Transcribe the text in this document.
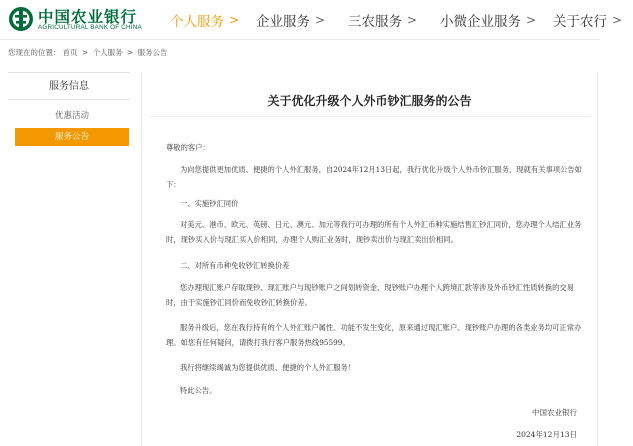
中国农业银行
AGRICULTURAL BANK OF CHINA 个人服务 > 企业服务 > 三农服务 > 小微企业服务 > 关于农行 >
您现在的位置： 首页 > 个人服务 > 服务公告
服务信息
优惠活动
服务公告
关于优化升级个人外币钞汇服务的公告
尊敬的客户：
为向您提供更加优质、便捷的个人外汇服务，自2024年12月13日起，我行优化升级个人外币钞汇服务，现就有关事项公告如下：
一、实施钞汇同价
对美元、港币、欧元、英镑、日元、澳元、加元等我行可办理的所有个人外汇币种实施结售汇钞汇同价，您办理个人结汇业务时，现钞买入价与现汇买入价相同，办理个人购汇业务时，现钞卖出价与现汇卖出价相同。
二、对所有币种免收钞汇转换价差
您办理现汇账户存取现钞、现汇账户与现钞账户之间划转资金、现钞账户办理个人跨境汇款等涉及外币钞汇性质转换的交易时，由于实施钞汇同价而免收钞汇转换价差。
服务升级后，您在我行持有的个人外汇账户属性、功能不发生变化，原来通过现汇账户、现钞账户办理的各类业务均可正常办理。如您有任何疑问，请拨打我行客户服务热线95599。
我行将继续竭诚为您提供优质、便捷的个人外汇服务！
特此公告。
中国农业银行
2024年12月13日
